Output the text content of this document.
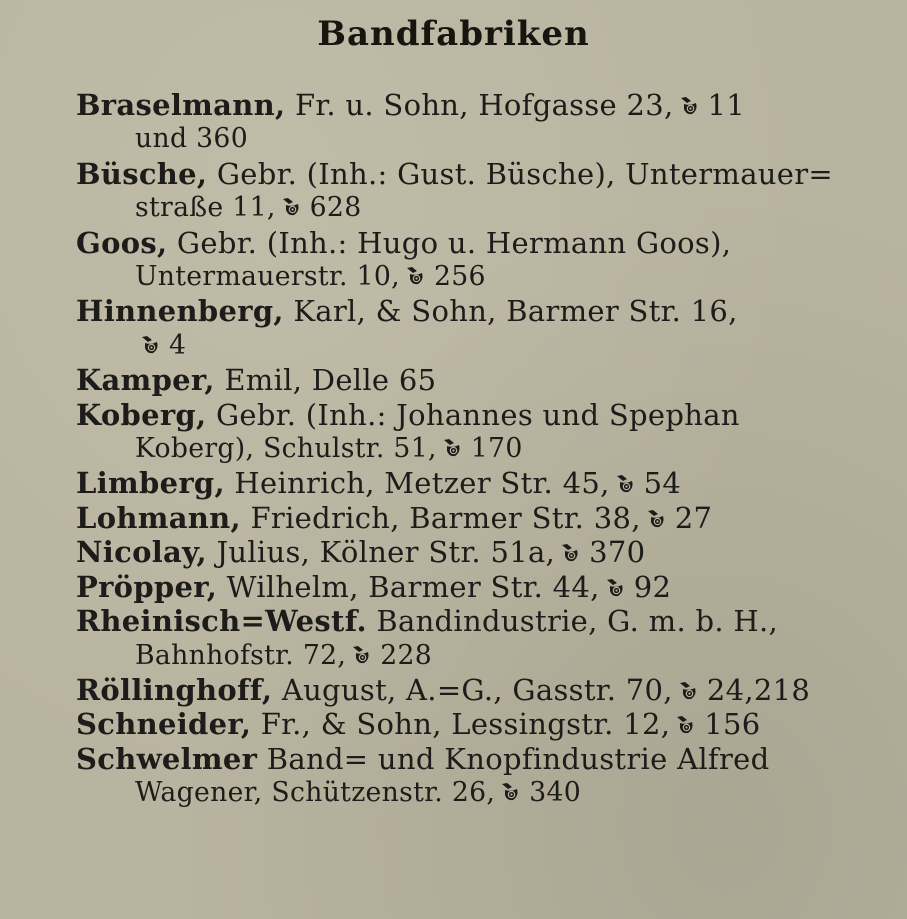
Bandfabriken
Braselmann, Fr. u. Sohn, Hofgasse 23, 11
und 360
Büsche, Gebr. (Inh.: Gust. Büsche), Untermauer=
straße 11, 628
Goos, Gebr. (Inh.: Hugo u. Hermann Goos),
Untermauerstr. 10, 256
Hinnenberg, Karl, & Sohn, Barmer Str. 16,
4
Kamper, Emil, Delle 65
Koberg, Gebr. (Inh.: Johannes und Spephan
Koberg), Schulstr. 51, 170
Limberg, Heinrich, Metzer Str. 45, 54
Lohmann, Friedrich, Barmer Str. 38, 27
Nicolay, Julius, Kölner Str. 51a, 370
Pröpper, Wilhelm, Barmer Str. 44, 92
Rheinisch=Westf. Bandindustrie, G. m. b. H.,
Bahnhofstr. 72, 228
Röllinghoff, August, A.=G., Gasstr. 70, 24,218
Schneider, Fr., & Sohn, Lessingstr. 12, 156
Schwelmer Band= und Knopfindustrie Alfred
Wagener, Schützenstr. 26, 340
